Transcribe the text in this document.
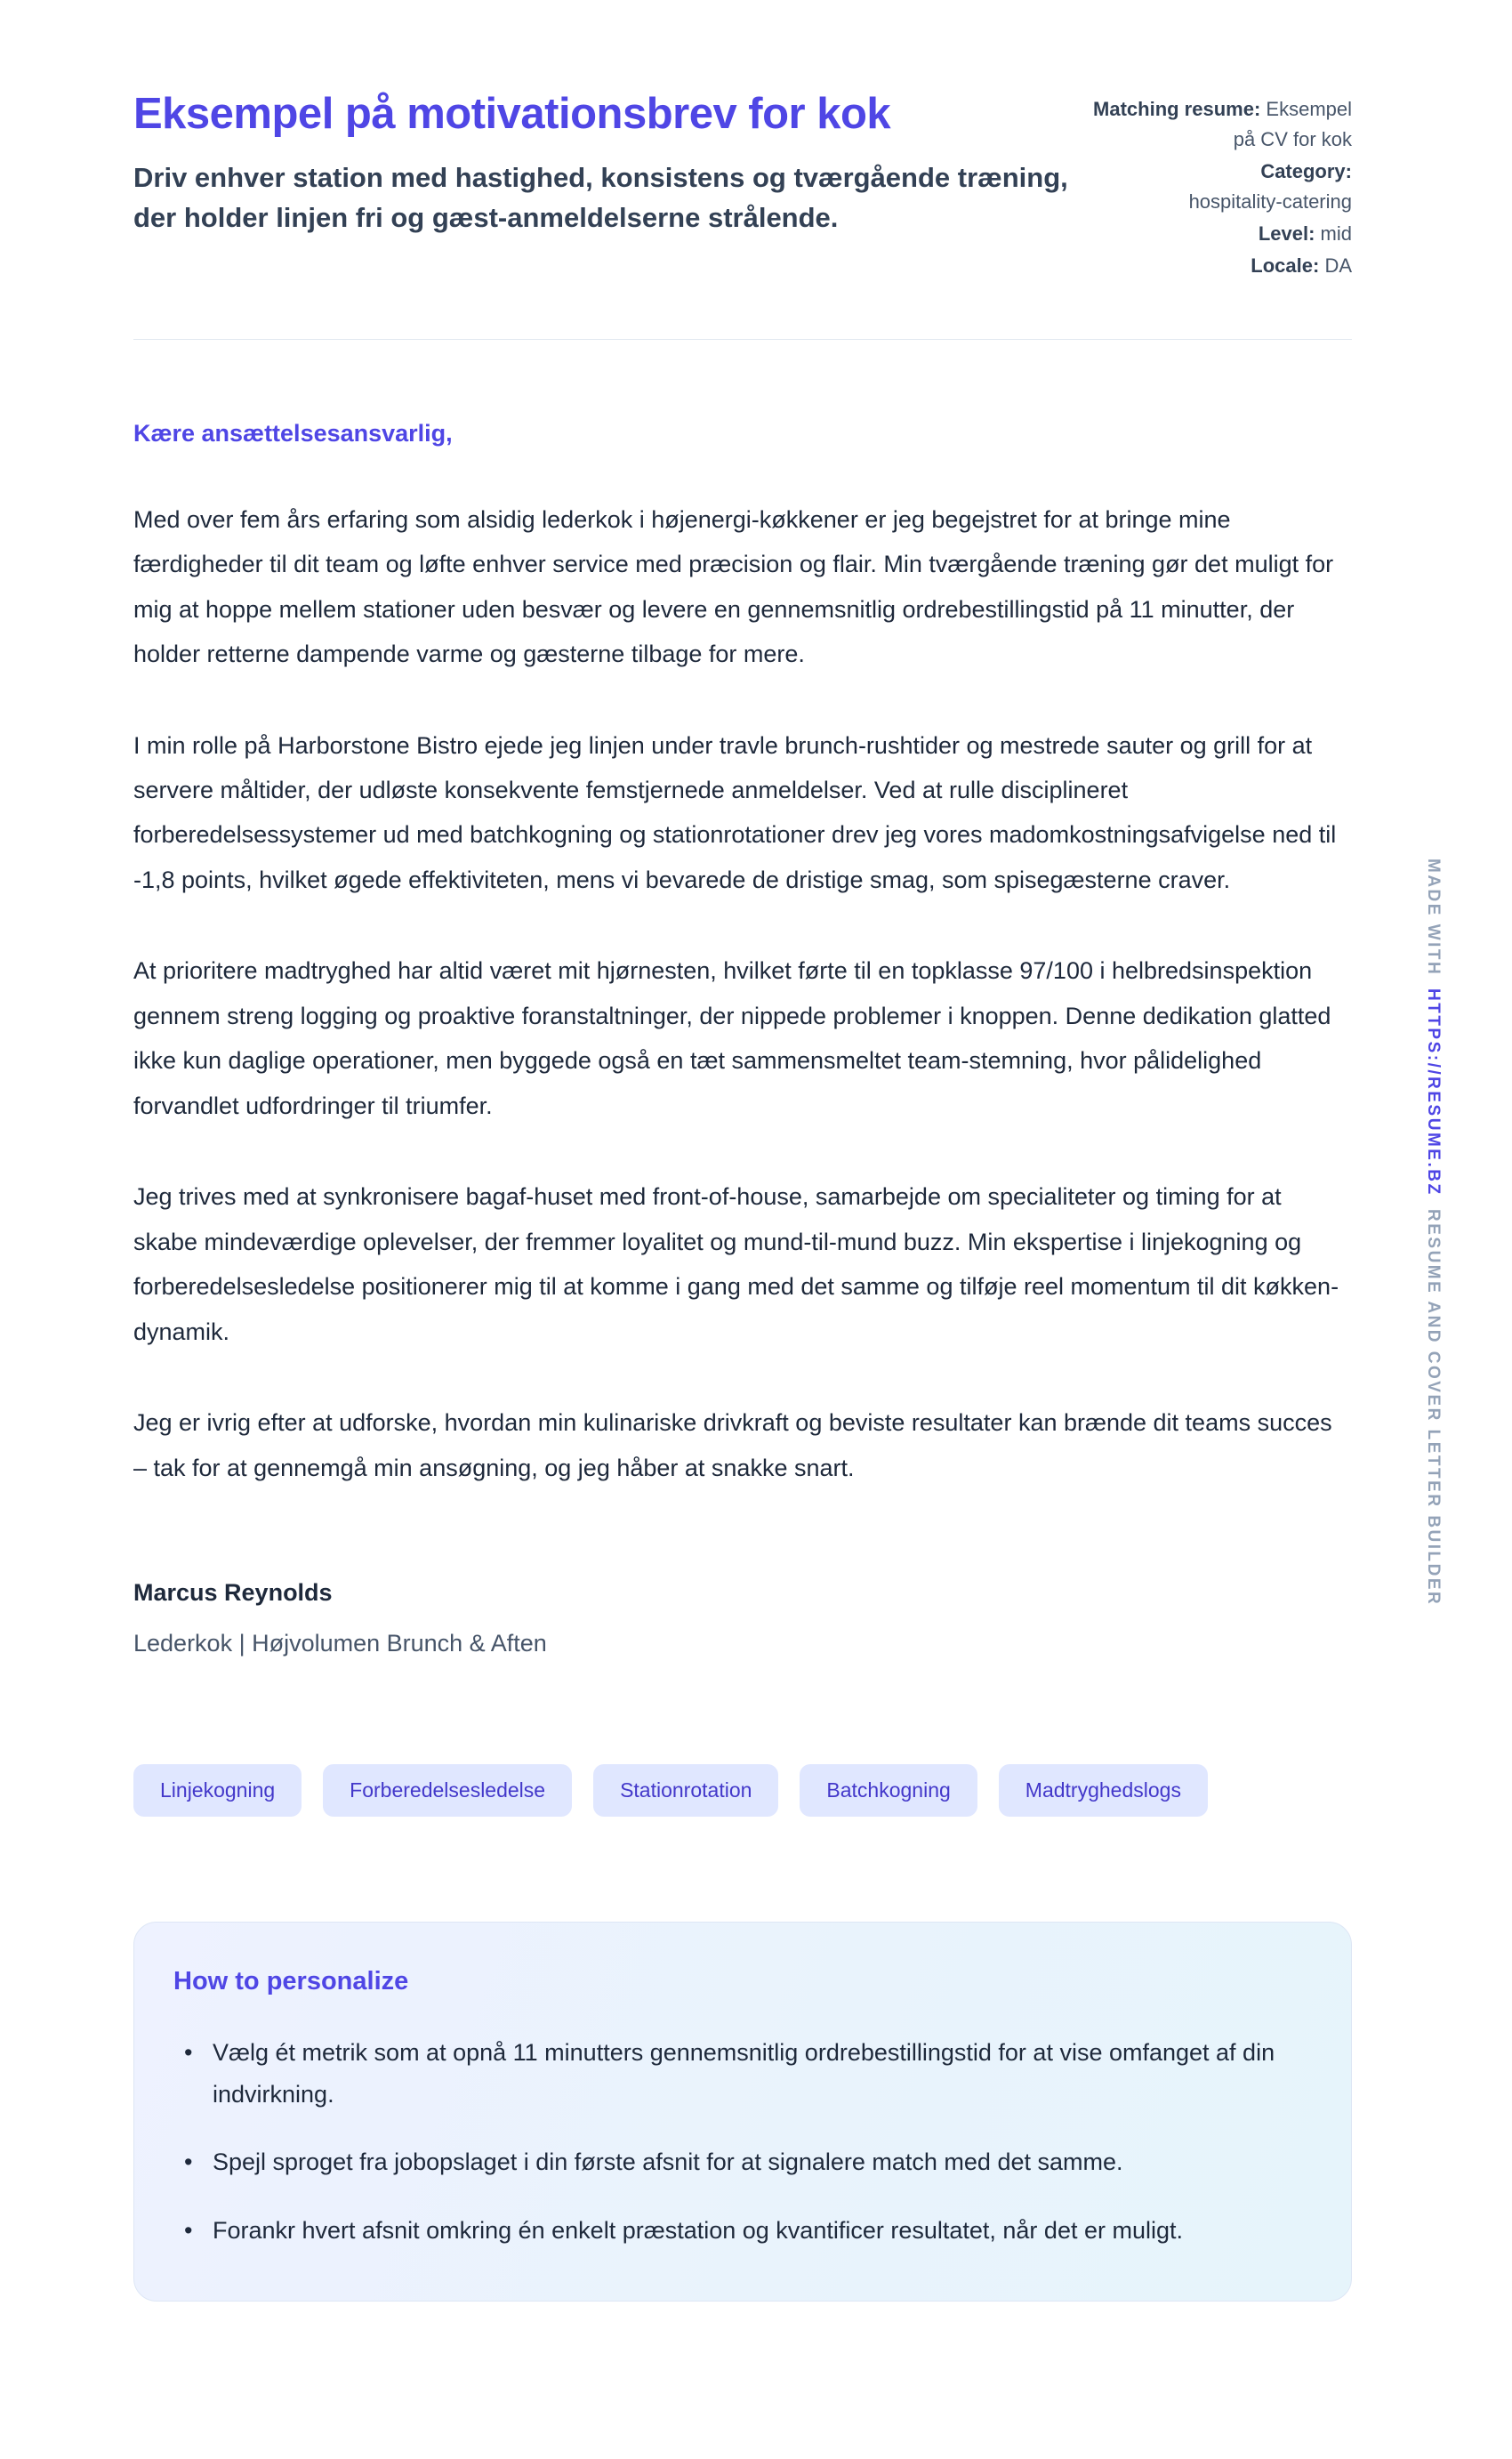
Eksempel på motivationsbrev for kok
Driv enhver station med hastighed, konsistens og tværgående træning, der holder linjen fri og gæst-anmeldelserne strålende.
Matching resume: Eksempel på CV for kok
Category:
hospitality-catering
Level: mid
Locale: DA
Kære ansættelsesansvarlig,

Med over fem års erfaring som alsidig lederkok i højenergi-køkkener er jeg begejstret for at bringe mine færdigheder til dit team og løfte enhver service med præcision og flair. Min tværgående træning gør det muligt for mig at hoppe mellem stationer uden besvær og levere en gennemsnitlig ordrebestillingstid på 11 minutter, der holder retterne dampende varme og gæsterne tilbage for mere.

I min rolle på Harborstone Bistro ejede jeg linjen under travle brunch-rushtider og mestrede sauter og grill for at servere måltider, der udløste konsekvente femstjernede anmeldelser. Ved at rulle disciplineret forberedelsessystemer ud med batchkogning og stationrotationer drev jeg vores madomkostningsafvigelse ned til -1,8 points, hvilket øgede effektiviteten, mens vi bevarede de dristige smag, som spisegæsterne craver.

At prioritere madtryghed har altid været mit hjørnesten, hvilket førte til en topklasse 97/100 i helbredsinspektion gennem streng logging og proaktive foranstaltninger, der nippede problemer i knoppen. Denne dedikation glatted ikke kun daglige operationer, men byggede også en tæt sammensmeltet team-stemning, hvor pålidelighed forvandlet udfordringer til triumfer.

Jeg trives med at synkronisere bagaf-huset med front-of-house, samarbejde om specialiteter og timing for at skabe mindeværdige oplevelser, der fremmer loyalitet og mund-til-mund buzz. Min ekspertise i linjekogning og forberedelsesledelse positionerer mig til at komme i gang med det samme og tilføje reel momentum til dit køkken-dynamik.

Jeg er ivrig efter at udforske, hvordan min kulinariske drivkraft og beviste resultater kan brænde dit teams succes – tak for at gennemgå min ansøgning, og jeg håber at snakke snart.

Marcus Reynolds
Lederkok | Højvolumen Brunch & Aften
Linjekogning	Forberedelsesledelse	Stationrotation	Batchkogning	Madtryghedslogs
How to personalize
• Vælg ét metrik som at opnå 11 minutters gennemsnitlig ordrebestillingstid for at vise omfanget af din indvirkning.
• Spejl sproget fra jobopslaget i din første afsnit for at signalere match med det samme.
• Forankr hvert afsnit omkring én enkelt præstation og kvantificer resultatet, når det er muligt.
MADE WITH
HTTPS://RESUME.BZ
RESUME AND COVER LETTER BUILDER
